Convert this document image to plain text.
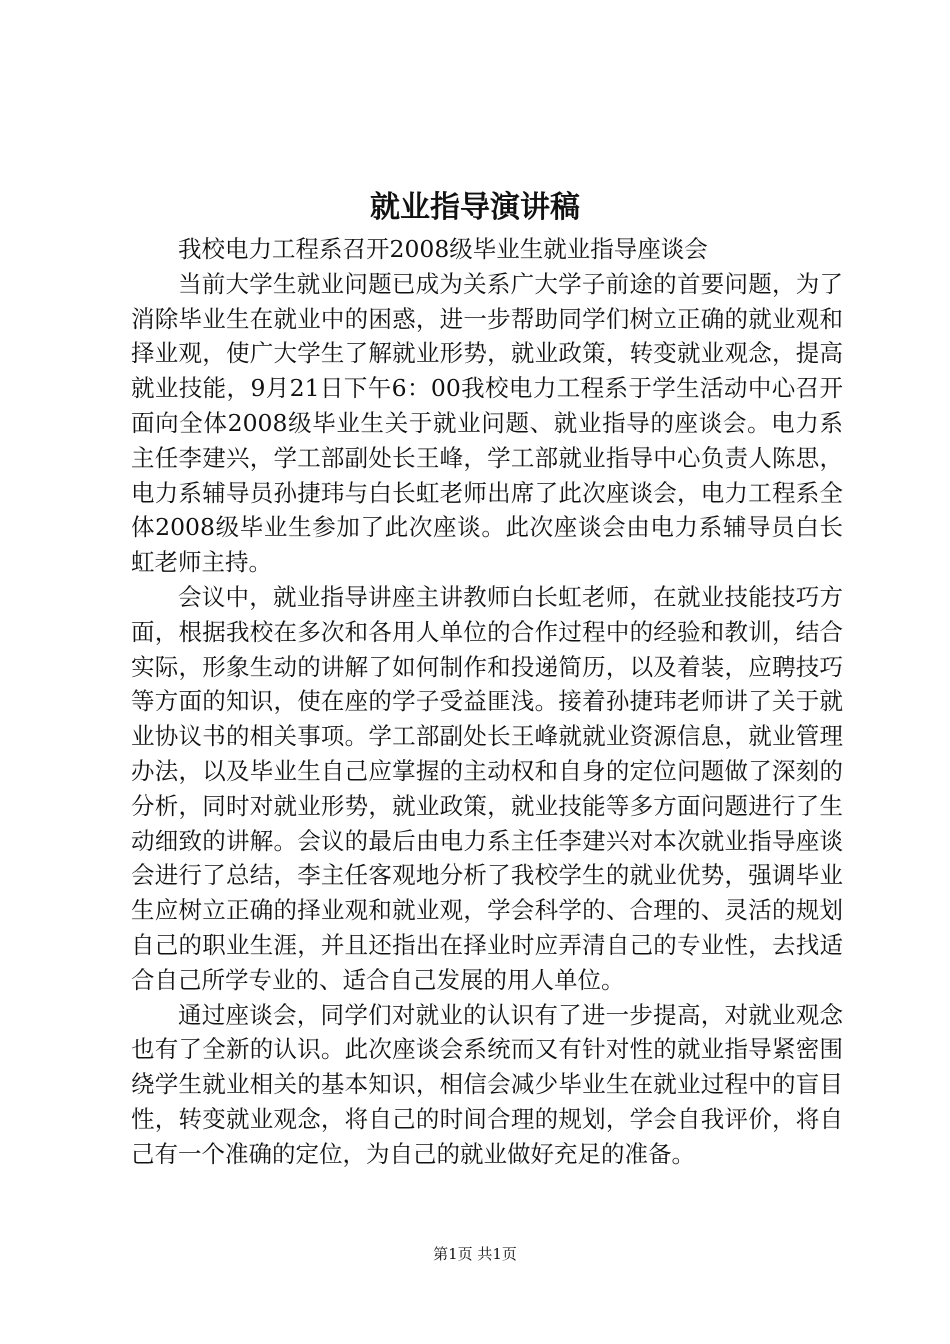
就业指导演讲稿

我校电力工程系召开2008级毕业生就业指导座谈会

当前大学生就业问题已成为关系广大学子前途的首要问题，为了消除毕业生在就业中的困惑，进一步帮助同学们树立正确的就业观和择业观，使广大学生了解就业形势，就业政策，转变就业观念，提高就业技能，9月21日下午6：00我校电力工程系于学生活动中心召开面向全体2008级毕业生关于就业问题、就业指导的座谈会。电力系主任李建兴，学工部副处长王峰，学工部就业指导中心负责人陈思，电力系辅导员孙捷玮与白长虹老师出席了此次座谈会，电力工程系全体2008级毕业生参加了此次座谈。此次座谈会由电力系辅导员白长虹老师主持。

会议中，就业指导讲座主讲教师白长虹老师，在就业技能技巧方面，根据我校在多次和各用人单位的合作过程中的经验和教训，结合实际，形象生动的讲解了如何制作和投递简历，以及着装，应聘技巧等方面的知识，使在座的学子受益匪浅。接着孙捷玮老师讲了关于就业协议书的相关事项。学工部副处长王峰就就业资源信息，就业管理办法，以及毕业生自己应掌握的主动权和自身的定位问题做了深刻的分析，同时对就业形势，就业政策，就业技能等多方面问题进行了生动细致的讲解。会议的最后由电力系主任李建兴对本次就业指导座谈会进行了总结，李主任客观地分析了我校学生的就业优势，强调毕业生应树立正确的择业观和就业观，学会科学的、合理的、灵活的规划自己的职业生涯，并且还指出在择业时应弄清自己的专业性，去找适合自己所学专业的、适合自己发展的用人单位。

通过座谈会，同学们对就业的认识有了进一步提高，对就业观念也有了全新的认识。此次座谈会系统而又有针对性的就业指导紧密围绕学生就业相关的基本知识，相信会减少毕业生在就业过程中的盲目性，转变就业观念，将自己的时间合理的规划，学会自我评价，将自己有一个准确的定位，为自己的就业做好充足的准备。

第1页 共1页
